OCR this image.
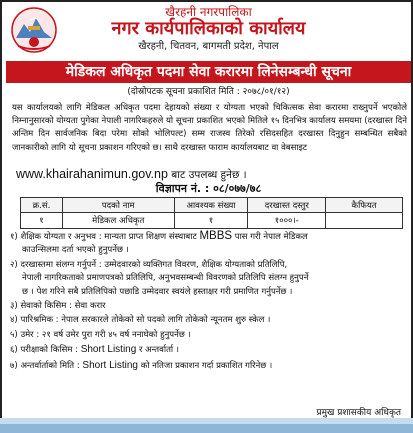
खैरहनी नगरपालिका
नगर कार्यपालिकाको कार्यालय
खैरहनी, चितवन, बागमती प्रदेश, नेपाल
मेडिकल अधिकृत पदमा सेवा करारमा लिनेसम्बन्धी सूचना
(दोस्रोपटक सूचना प्रकाशित मिति : २०७८/०१/१२)
यस कार्यालयको लागि मेडिकल अधिकृत पदमा देहायको संख्या र योग्यता भएको चिकित्सक सेवा करारमा राख्नुपर्ने भएकोले निम्नानुसारको योग्यता पुगेका नेपाली नागरिकहरुले यो सूचना प्रकाशित भएको मितिले १५ दिनभित्र कार्यालय समयमा (दरखास्त दिने अन्तिम दिन सार्वजनिक बिदा परेमा सोको भोलिपल्ट) सम्म राजस्व तिरेको रसिदसहित दरखास्त दिनुहुन सम्बन्धित सबैको जानकारीको लागि यो सूचना प्रकाशन गरिएको छ। साथै दरखास्त फाराम कार्यालयबाट वा वेबसाइट
www.khairahanimun.gov.np बाट उपलब्ध हुनेछ ।
विज्ञापन नं. : ०८/०७७/७८
क्र.सं.	पदको नाम	आवश्यक संख्या	दरखास्त दस्तुर	कैफियत
१	मेडिकल अधिकृत	१	१०००।-	
१) शैक्षिक योग्यता र अनुभव : मान्यता प्राप्त शिक्षण संस्थाबाट MBBS पास गरी नेपाल मेडिकल
काउन्सिलमा दर्ता भएको हुनुपर्नेछ ।
२) दरखास्तमा संलग्न गर्नुपर्ने : उम्मेदवारको व्यक्तिगत विवरण, शैक्षिक योग्यताको प्रतिलिपि,
नेपाली नागरिकताको प्रमाणपत्रको प्रतिलिपि, अनुभवसम्बन्धी विवरणको प्रतिलिपि संलग्न हुनुपर्ने
छ । पेश गरिने सबै प्रतिलिपिको पछाडि उम्मेदवार स्वयंले हस्ताक्षर गरी प्रमाणित गर्नुपर्नेछ ।
३) सेवाको किसिम : सेवा करार
४) पारिश्रमिक : नेपाल सरकारले तोकेको सो पदको लागि तोकेको न्यूनतम शुरु स्केल ।
५) उमेर : २१ वर्ष उमेर पुरा गरी ४५ वर्ष ननाघेको हुनुपर्नेछ ।
६) परीक्षाको किसिम : Short Listing र अन्तर्वार्ता ।
७) अन्तर्वार्ताको मिति : Short Listing को नतिजा प्रकाशन गर्दा प्रकाशित गरिनेछ ।
प्रमुख प्रशासकीय अधिकृत
